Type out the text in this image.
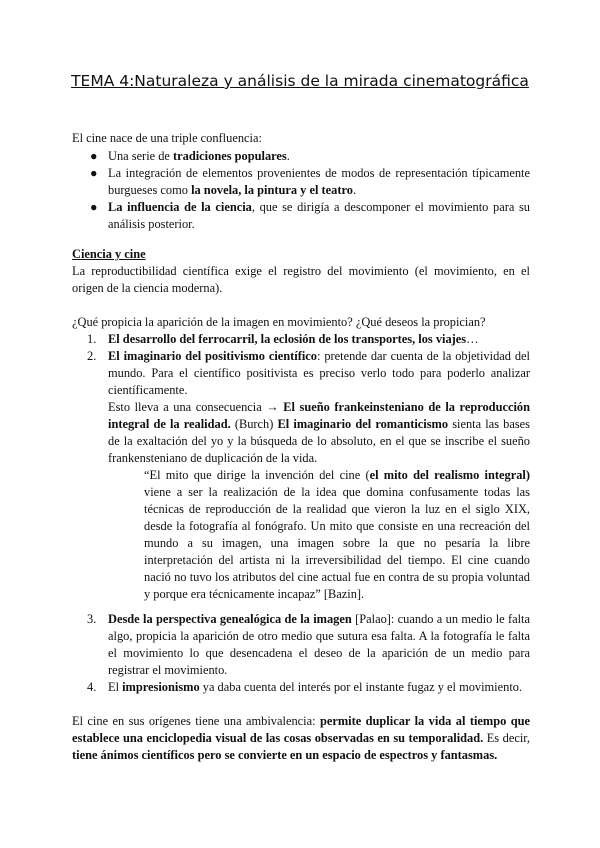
TEMA 4:Naturaleza y análisis de la mirada cinematográfica
El cine nace de una triple confluencia:
● Una serie de tradiciones populares.
● La integración de elementos provenientes de modos de representación típicamente burgueses como la novela, la pintura y el teatro.
● La influencia de la ciencia, que se dirigía a descomponer el movimiento para su análisis posterior.
Ciencia y cine
La reproductibilidad científica exige el registro del movimiento (el movimiento, en el origen de la ciencia moderna).
¿Qué propicia la aparición de la imagen en movimiento? ¿Qué deseos la propician?
1. El desarrollo del ferrocarril, la eclosión de los transportes, los viajes…
2. El imaginario del positivismo científico: pretende dar cuenta de la objetividad del mundo. Para el científico positivista es preciso verlo todo para poderlo analizar científicamente.
Esto lleva a una consecuencia → El sueño frankeinsteniano de la reproducción integral de la realidad. (Burch) El imaginario del romanticismo sienta las bases de la exaltación del yo y la búsqueda de lo absoluto, en el que se inscribe el sueño frankensteniano de duplicación de la vida.
“El mito que dirige la invención del cine (el mito del realismo integral) viene a ser la realización de la idea que domina confusamente todas las técnicas de reproducción de la realidad que vieron la luz en el siglo XIX, desde la fotografía al fonógrafo. Un mito que consiste en una recreación del mundo a su imagen, una imagen sobre la que no pesaría la libre interpretación del artista ni la irreversibilidad del tiempo. El cine cuando nació no tuvo los atributos del cine actual fue en contra de su propia voluntad y porque era técnicamente incapaz” [Bazin].
3. Desde la perspectiva genealógica de la imagen [Palao]: cuando a un medio le falta algo, propicia la aparición de otro medio que sutura esa falta. A la fotografía le falta el movimiento lo que desencadena el deseo de la aparición de un medio para registrar el movimiento.
4. El impresionismo ya daba cuenta del interés por el instante fugaz y el movimiento.
El cine en sus orígenes tiene una ambivalencia: permite duplicar la vida al tiempo que establece una enciclopedia visual de las cosas observadas en su temporalidad. Es decir, tiene ánimos científicos pero se convierte en un espacio de espectros y fantasmas.
